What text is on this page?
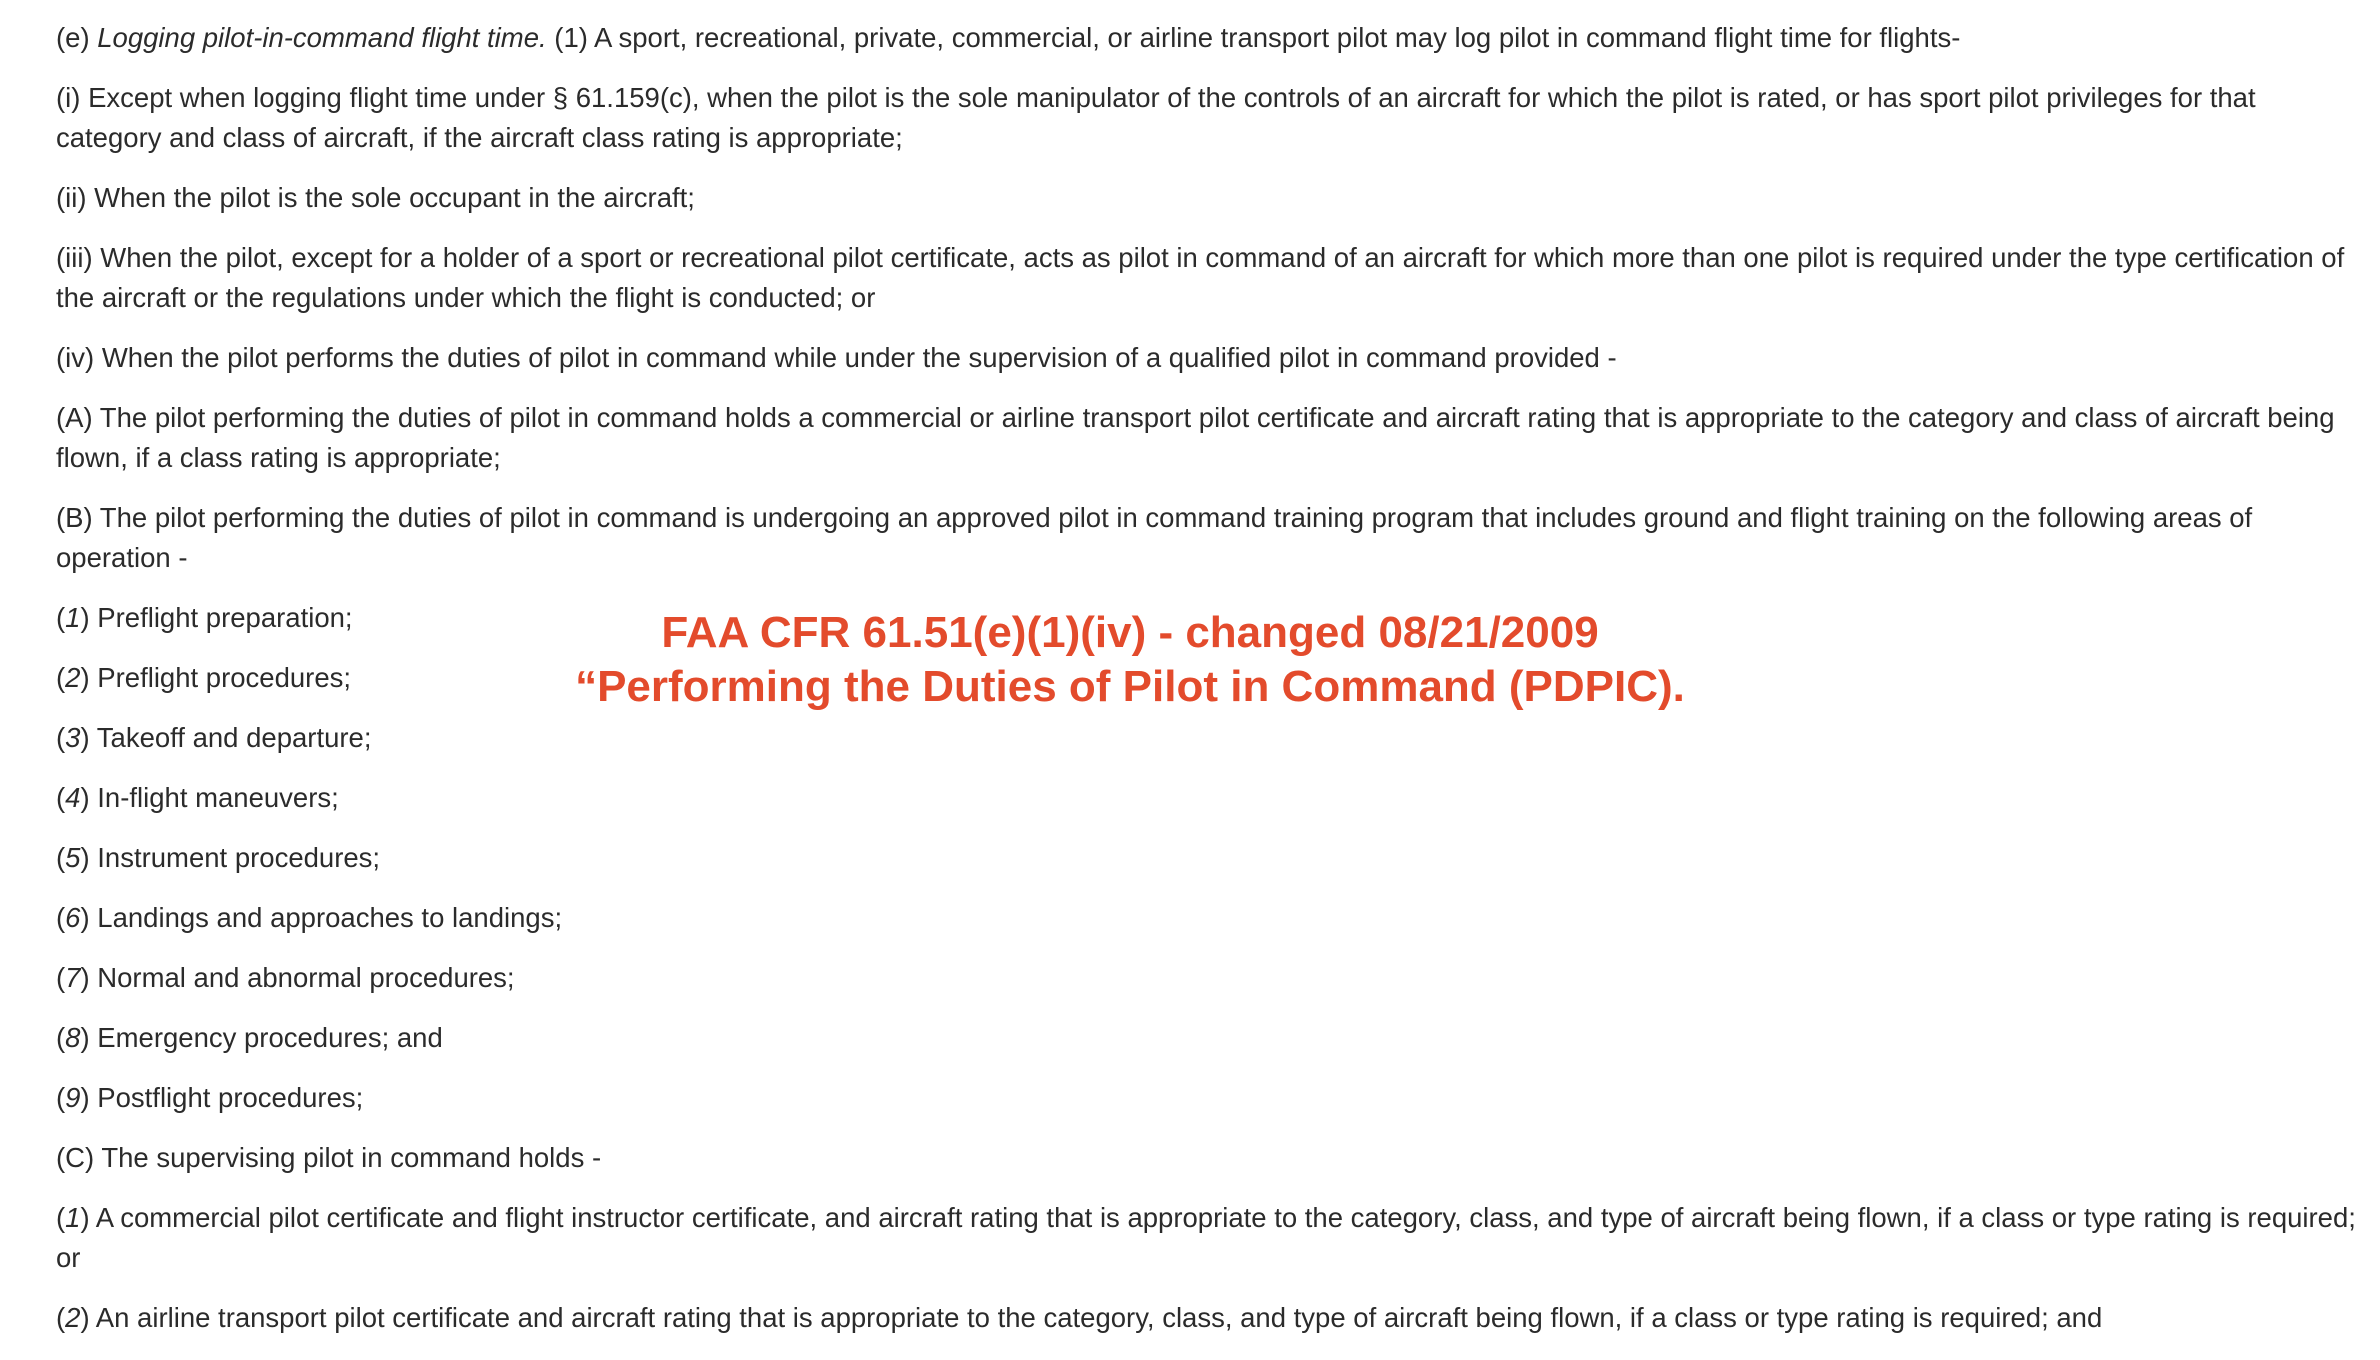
(e) Logging pilot-in-command flight time. (1) A sport, recreational, private, commercial, or airline transport pilot may log pilot in command flight time for flights-

(i) Except when logging flight time under § 61.159(c), when the pilot is the sole manipulator of the controls of an aircraft for which the pilot is rated, or has sport pilot privileges for that category and class of aircraft, if the aircraft class rating is appropriate;

(ii) When the pilot is the sole occupant in the aircraft;

(iii) When the pilot, except for a holder of a sport or recreational pilot certificate, acts as pilot in command of an aircraft for which more than one pilot is required under the type certification of the aircraft or the regulations under which the flight is conducted; or

(iv) When the pilot performs the duties of pilot in command while under the supervision of a qualified pilot in command provided -

(A) The pilot performing the duties of pilot in command holds a commercial or airline transport pilot certificate and aircraft rating that is appropriate to the category and class of aircraft being flown, if a class rating is appropriate;

(B) The pilot performing the duties of pilot in command is undergoing an approved pilot in command training program that includes ground and flight training on the following areas of operation -

(1) Preflight preparation;

(2) Preflight procedures;

(3) Takeoff and departure;

(4) In-flight maneuvers;

(5) Instrument procedures;

(6) Landings and approaches to landings;

(7) Normal and abnormal procedures;

(8) Emergency procedures; and

(9) Postflight procedures;

(C) The supervising pilot in command holds -

(1) A commercial pilot certificate and flight instructor certificate, and aircraft rating that is appropriate to the category, class, and type of aircraft being flown, if a class or type rating is required; or

(2) An airline transport pilot certificate and aircraft rating that is appropriate to the category, class, and type of aircraft being flown, if a class or type rating is required; and

FAA CFR 61.51(e)(1)(iv) - changed 08/21/2009
“Performing the Duties of Pilot in Command (PDPIC).
